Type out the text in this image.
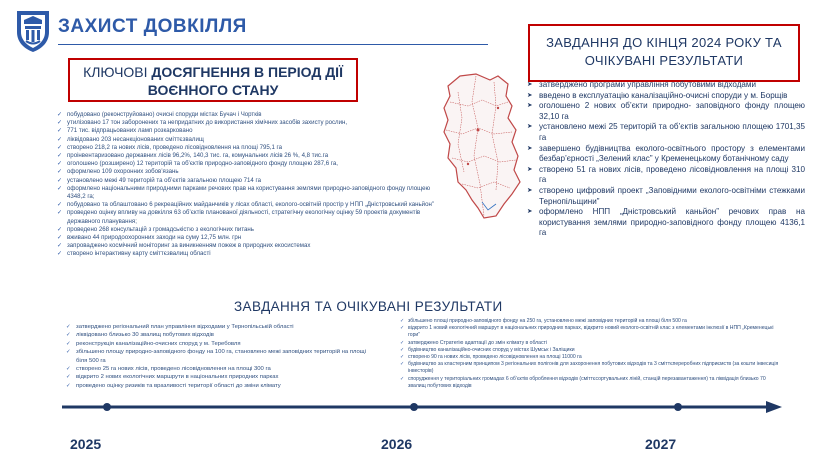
ЗАХИСТ ДОВКІЛЛЯ
КЛЮЧОВІ ДОСЯГНЕННЯ В ПЕРІОД ДІЇ ВОЄННОГО СТАНУ
ЗАВДАННЯ ДО КІНЦЯ 2024 РОКУ ТА ОЧІКУВАНІ РЕЗУЛЬТАТИ
✓ побудовано (реконструйовано) очисні споруди містах Бучач і Чортків
✓ утилізовано 17 тон заборонених та непридатних до використання хімічних засобів захисту рослин,
✓ 771 тис. відпрацьованих ламп розкарковано
✓ ліквідовано 203 несанкціонованих сміттєзвалищ
✓ створено 218,2 га нових лісів, проведено лісовідновлення на площі 795,1 га
✓ проінвентаризовано державних лісів 96,2%, 140,3 тис. га, комунальних лісів 26 %, 4,8 тис.га
✓ оголошено (розширено) 12 територій та об’єктів природно-заповідного фонду площею 287,6 га,
✓ оформлено 109 охоронних зобов’язань
✓ установлено межі 49 територій та об’єктів загальною площею 714 га
✓ оформлено національними природними парками речових прав на користування землями природно-заповідного фонду площею 4348,2 га;
✓ побудовано та облаштовано 6 рекреаційних майданчиків у лісах області, еколого-освітній простір у НПП „Дністровський каньйон”
✓ проведено оцінку впливу на довкілля 63 об’єктів планованої діяльності, стратегічну екологічну оцінку 59 проектів документів державного планування;
✓ проведено 268 консультацій з громадськістю з екологічних питань
✓ вживано 44 природоохоронних заходи на суму 12,75 млн. грн
✓ запроваджено космічний моніторинг за виникненням пожеж в природних екосистемах
✓ створено інтерактивну карту сміттєзвалищ області
➤ затверджено програми управління побутовими відходами
➤ введено в експлуатацію каналізаційно-очисні споруди у м. Борщів
➤ оголошено 2 нових об’єкти природно- заповідного фонду площею 32,10 га
➤ установлено межі 25 територій та об’єктів загальною площею 1701,35 га
➤ завершено будівництва еколого-освітнього простору з елементами безбар’єрності „Зелений клас” у Кременецькому ботанічному саду
➤ створено 51 га нових лісів, проведено лісовідновлення на площі 310 га
➤ створено цифровий проект „Заповідними еколого-освітніми стежками Тернопільщини”
➤ оформлено НПП „Дністровський каньйон” речових прав на користування землями природно-заповідного фонду площею 4136,1 га
ЗАВДАННЯ ТА ОЧІКУВАНІ РЕЗУЛЬТАТИ
✓ затверджено регіональний план управління відходами у Тернопільській області
✓ ліквідовано близько 30 звалищ побутових відходів
✓ реконструкція каналізаційно-очисних споруд у м. Теребовля
✓ збільшено площу природно-заповідного фонду на 100 га, становлено межі заповідних територій на площі біля 500 га
✓ створено 25 га нових лісів, проведено лісовідновлення на площі 300 га
✓ відкрито 2 нових екологічних маршрути в національних природних парках
✓ проведено оцінку ризиків та вразливості території області до зміни клімату
✓ збільшено площі природно-заповідного фонду на 250 га, установлено межі заповідних територій на площі біля 500 га
✓ відкрито 1 новий екологічний маршрут в національних природних парках, відкрито новий еколого-освітній клас з елементами інклюзії в НПП „Кременецькі гори”
✓ затверджено Стратегію адаптації до змін клімату в області
✓ будівництво каналізаційно-очисних споруд у містах Шумськ і Заліщики
✓ створено 90 га нових лісів, проведено лісовідновлення на площі 11000 га
✓ будівництво за кластерним принципом 3 регіональних полігонів для захоронення побутових відходів та 3 сміттєпереробних підприємств (за кошти інвесиція інвесторів)
✓ спорудження у територіальних громадах 6 об’єктів оброблення відходів (сміттєсортувальних ліній, станцій перезавантаження) та ліквідація близько 70 звалищ побутових відходів
2025	2026	2027
